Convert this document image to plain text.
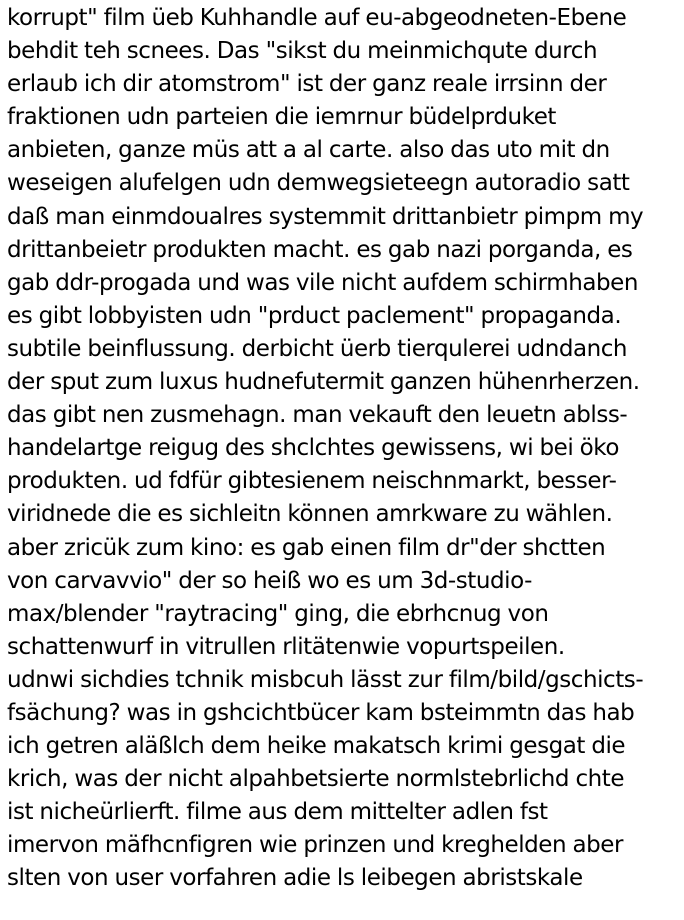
korrupt" film üeb Kuhhandle auf eu-abgeodneten-Ebene
behdit teh scnees. Das "sikst du meinmichqute durch
erlaub ich dir atomstrom" ist der ganz reale irrsinn der
fraktionen udn parteien die iemrnur büdelprduket
anbieten, ganze müs att a al carte. also das uto mit dn
weseigen alufelgen udn demwegsieteegn autoradio satt
daß man einmdoualres systemmit drittanbietr pimpm my
drittanbeietr produkten macht. es gab nazi porganda, es
gab ddr-progada und was vile nicht aufdem schirmhaben
es gibt lobbyisten udn "prduct paclement" propaganda.
subtile beinflussung. derbicht üerb tierqulerei udndanch
der sput zum luxus hudnefutermit ganzen hühenrherzen.
das gibt nen zusmehagn. man vekauft den leuetn ablss-
handelartge reigug des shclchtes gewissens, wi bei öko
produkten. ud fdfür gibtesienem neischnmarkt, besser-
viridnede die es sichleitn können amrkware zu wählen.
aber zricük zum kino: es gab einen film dr"der shctten
von carvavvio" der so heiß wo es um 3d-studio-
max/blender "raytracing" ging, die ebrhcnug von
schattenwurf in vitrullen rlitätenwie vopurtspeilen.
udnwi sichdies tchnik misbcuh lässt zur film/bild/gschicts-
fsächung? was in gshcichtbücer kam bsteimmtn das hab
ich getren aläßlch dem heike makatsch krimi gesgat die
krich, was der nicht alpahbetsierte normlstebrlichd chte
ist nicheürlierft. filme aus dem mittelter adlen fst
imervon mäfhcnfigren wie prinzen und kreghelden aber
slten von user vorfahren adie ls leibegen abristskale
